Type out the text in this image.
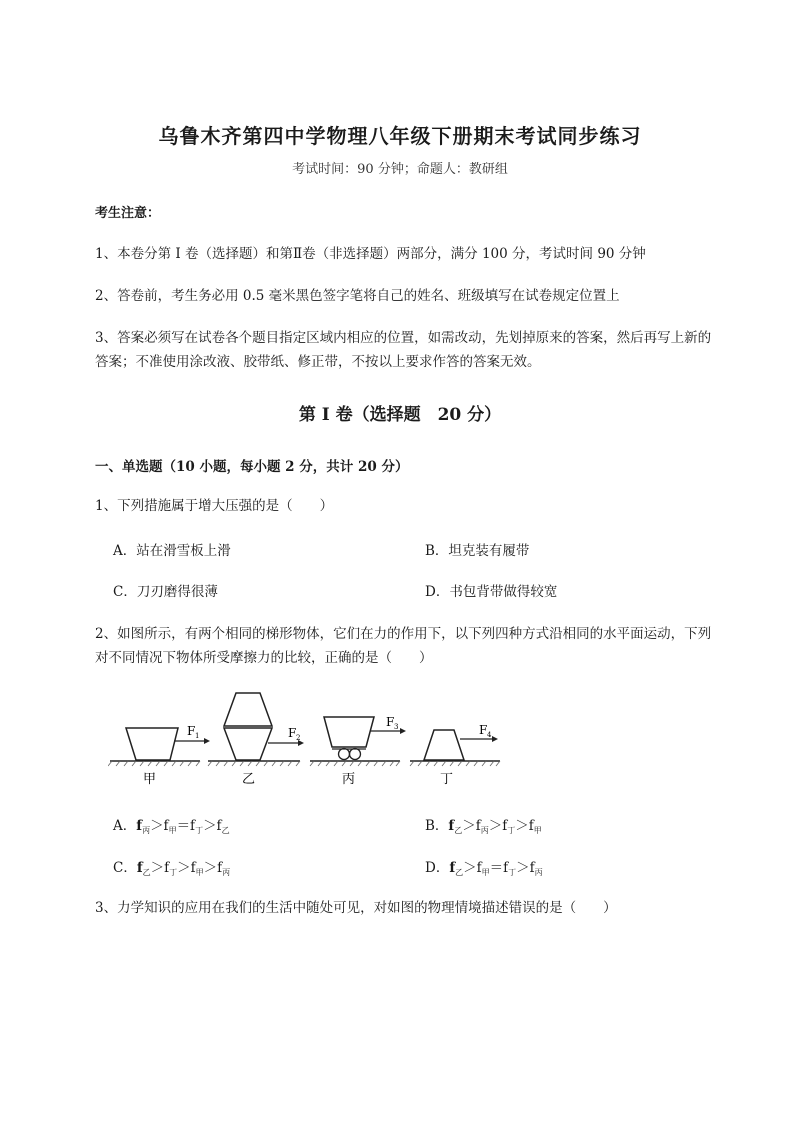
乌鲁木齐第四中学物理八年级下册期末考试同步练习
考试时间：90 分钟；命题人：教研组
考生注意：
1、本卷分第 I 卷（选择题）和第Ⅱ卷（非选择题）两部分，满分 100 分，考试时间 90 分钟
2、答卷前，考生务必用 0.5 毫米黑色签字笔将自己的姓名、班级填写在试卷规定位置上
3、答案必须写在试卷各个题目指定区域内相应的位置，如需改动，先划掉原来的答案，然后再写上新的答案；不准使用涂改液、胶带纸、修正带，不按以上要求作答的答案无效。
第 I 卷（选择题　20 分）
一、单选题（10 小题，每小题 2 分，共计 20 分）
1、下列措施属于增大压强的是（　　）
A．站在滑雪板上滑	B．坦克装有履带
C．刀刃磨得很薄	D．书包背带做得较宽
2、如图所示，有两个相同的梯形物体，它们在力的作用下，以下列四种方式沿相同的水平面运动，下列对不同情况下物体所受摩擦力的比较，正确的是（　　）
F 1
甲
F 2
乙
F 3
丙
F 4
丁
A．$f_丙>f_甲=f_丁>f_乙$	B．$f_乙>f_丙>f_丁>f_甲$
C．$f_乙>f_丁>f_甲>f_丙$	D．$f_乙>f_甲=f_丁>f_丙$
3、力学知识的应用在我们的生活中随处可见，对如图的物理情境描述错误的是（　　）
